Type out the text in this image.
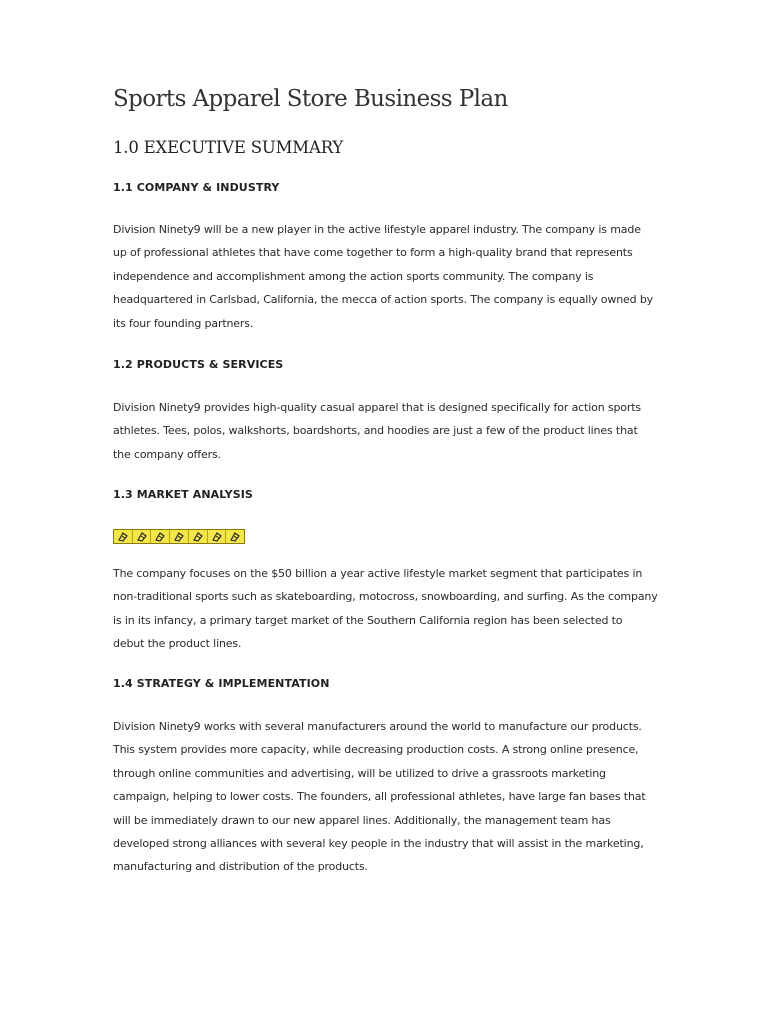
Sports Apparel Store Business Plan
1.0 EXECUTIVE SUMMARY
1.1 COMPANY & INDUSTRY

Division Ninety9 will be a new player in the active lifestyle apparel industry. The company is made
up of professional athletes that have come together to form a high-quality brand that represents
independence and accomplishment among the action sports community. The company is
headquartered in Carlsbad, California, the mecca of action sports. The company is equally owned by
its four founding partners.

1.2 PRODUCTS & SERVICES

Division Ninety9 provides high-quality casual apparel that is designed specifically for action sports
athletes. Tees, polos, walkshorts, boardshorts, and hoodies are just a few of the product lines that
the company offers.

1.3 MARKET ANALYSIS

The company focuses on the $50 billion a year active lifestyle market segment that participates in
non-traditional sports such as skateboarding, motocross, snowboarding, and surfing. As the company
is in its infancy, a primary target market of the Southern California region has been selected to
debut the product lines.

1.4 STRATEGY & IMPLEMENTATION

Division Ninety9 works with several manufacturers around the world to manufacture our products.
This system provides more capacity, while decreasing production costs. A strong online presence,
through online communities and advertising, will be utilized to drive a grassroots marketing
campaign, helping to lower costs. The founders, all professional athletes, have large fan bases that
will be immediately drawn to our new apparel lines. Additionally, the management team has
developed strong alliances with several key people in the industry that will assist in the marketing,
manufacturing and distribution of the products.
